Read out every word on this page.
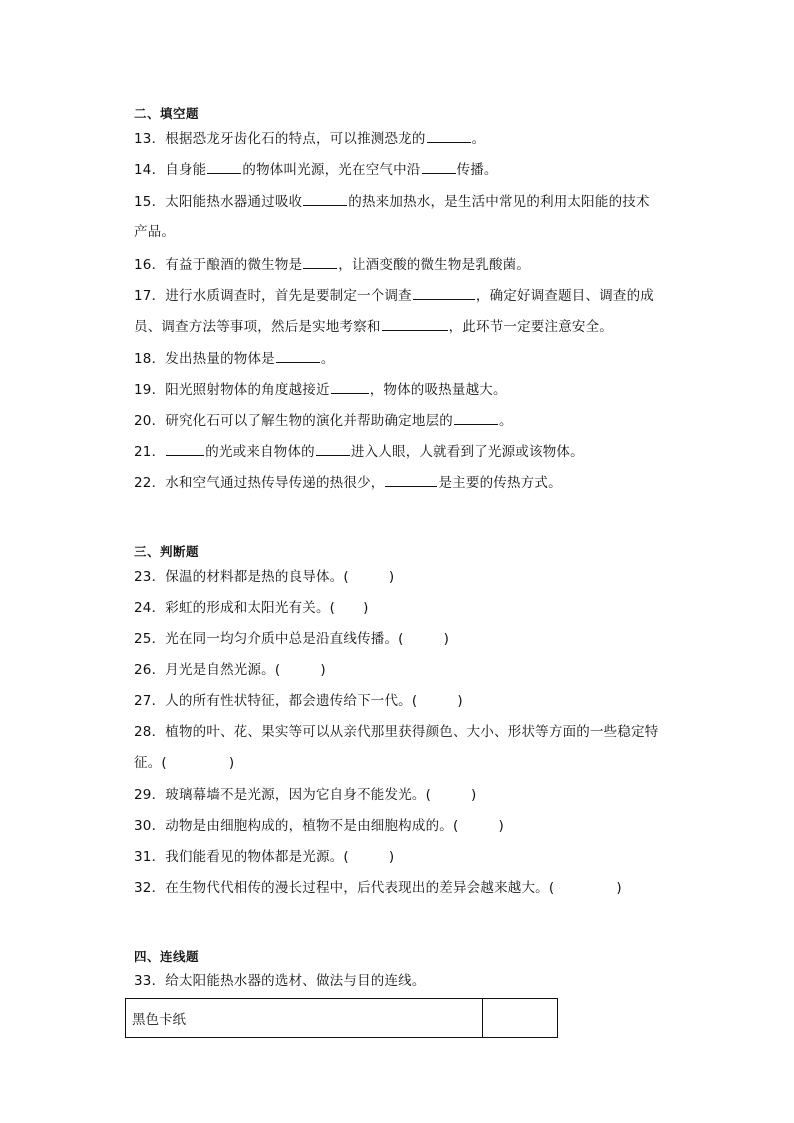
二、填空题
13．根据恐龙牙齿化石的特点，可以推测恐龙的	。
14．自身能	的物体叫光源，光在空气中沿	传播。
15．太阳能热水器通过吸收	的热来加热水，是生活中常见的利用太阳能的技术
产品。
16．有益于酿酒的微生物是	，让酒变酸的微生物是乳酸菌。
17．进行水质调查时，首先是要制定一个调查	，确定好调查题目、调查的成
员、调查方法等事项，然后是实地考察和	，此环节一定要注意安全。
18．发出热量的物体是	。
19．阳光照射物体的角度越接近	，物体的吸热量越大。
20．研究化石可以了解生物的演化并帮助确定地层的	。
21．	的光或来自物体的	进入人眼，人就看到了光源或该物体。
22．水和空气通过热传导传递的热很少，	是主要的传热方式。
三、判断题
23．保温的材料都是热的良导体。(	)
24．彩虹的形成和太阳光有关。( )
25．光在同一均匀介质中总是沿直线传播。(	)
26．月光是自然光源。(	)
27．人的所有性状特征，都会遗传给下一代。(	)
28．植物的叶、花、果实等可以从亲代那里获得颜色、大小、形状等方面的一些稳定特
征。(	)
29．玻璃幕墙不是光源，因为它自身不能发光。(	)
30．动物是由细胞构成的，植物不是由细胞构成的。(	)
31．我们能看见的物体都是光源。(	)
32．在生物代代相传的漫长过程中，后代表现出的差异会越来越大。(	)
四、连线题
33．给太阳能热水器的选材、做法与目的连线。
黑色卡纸	
